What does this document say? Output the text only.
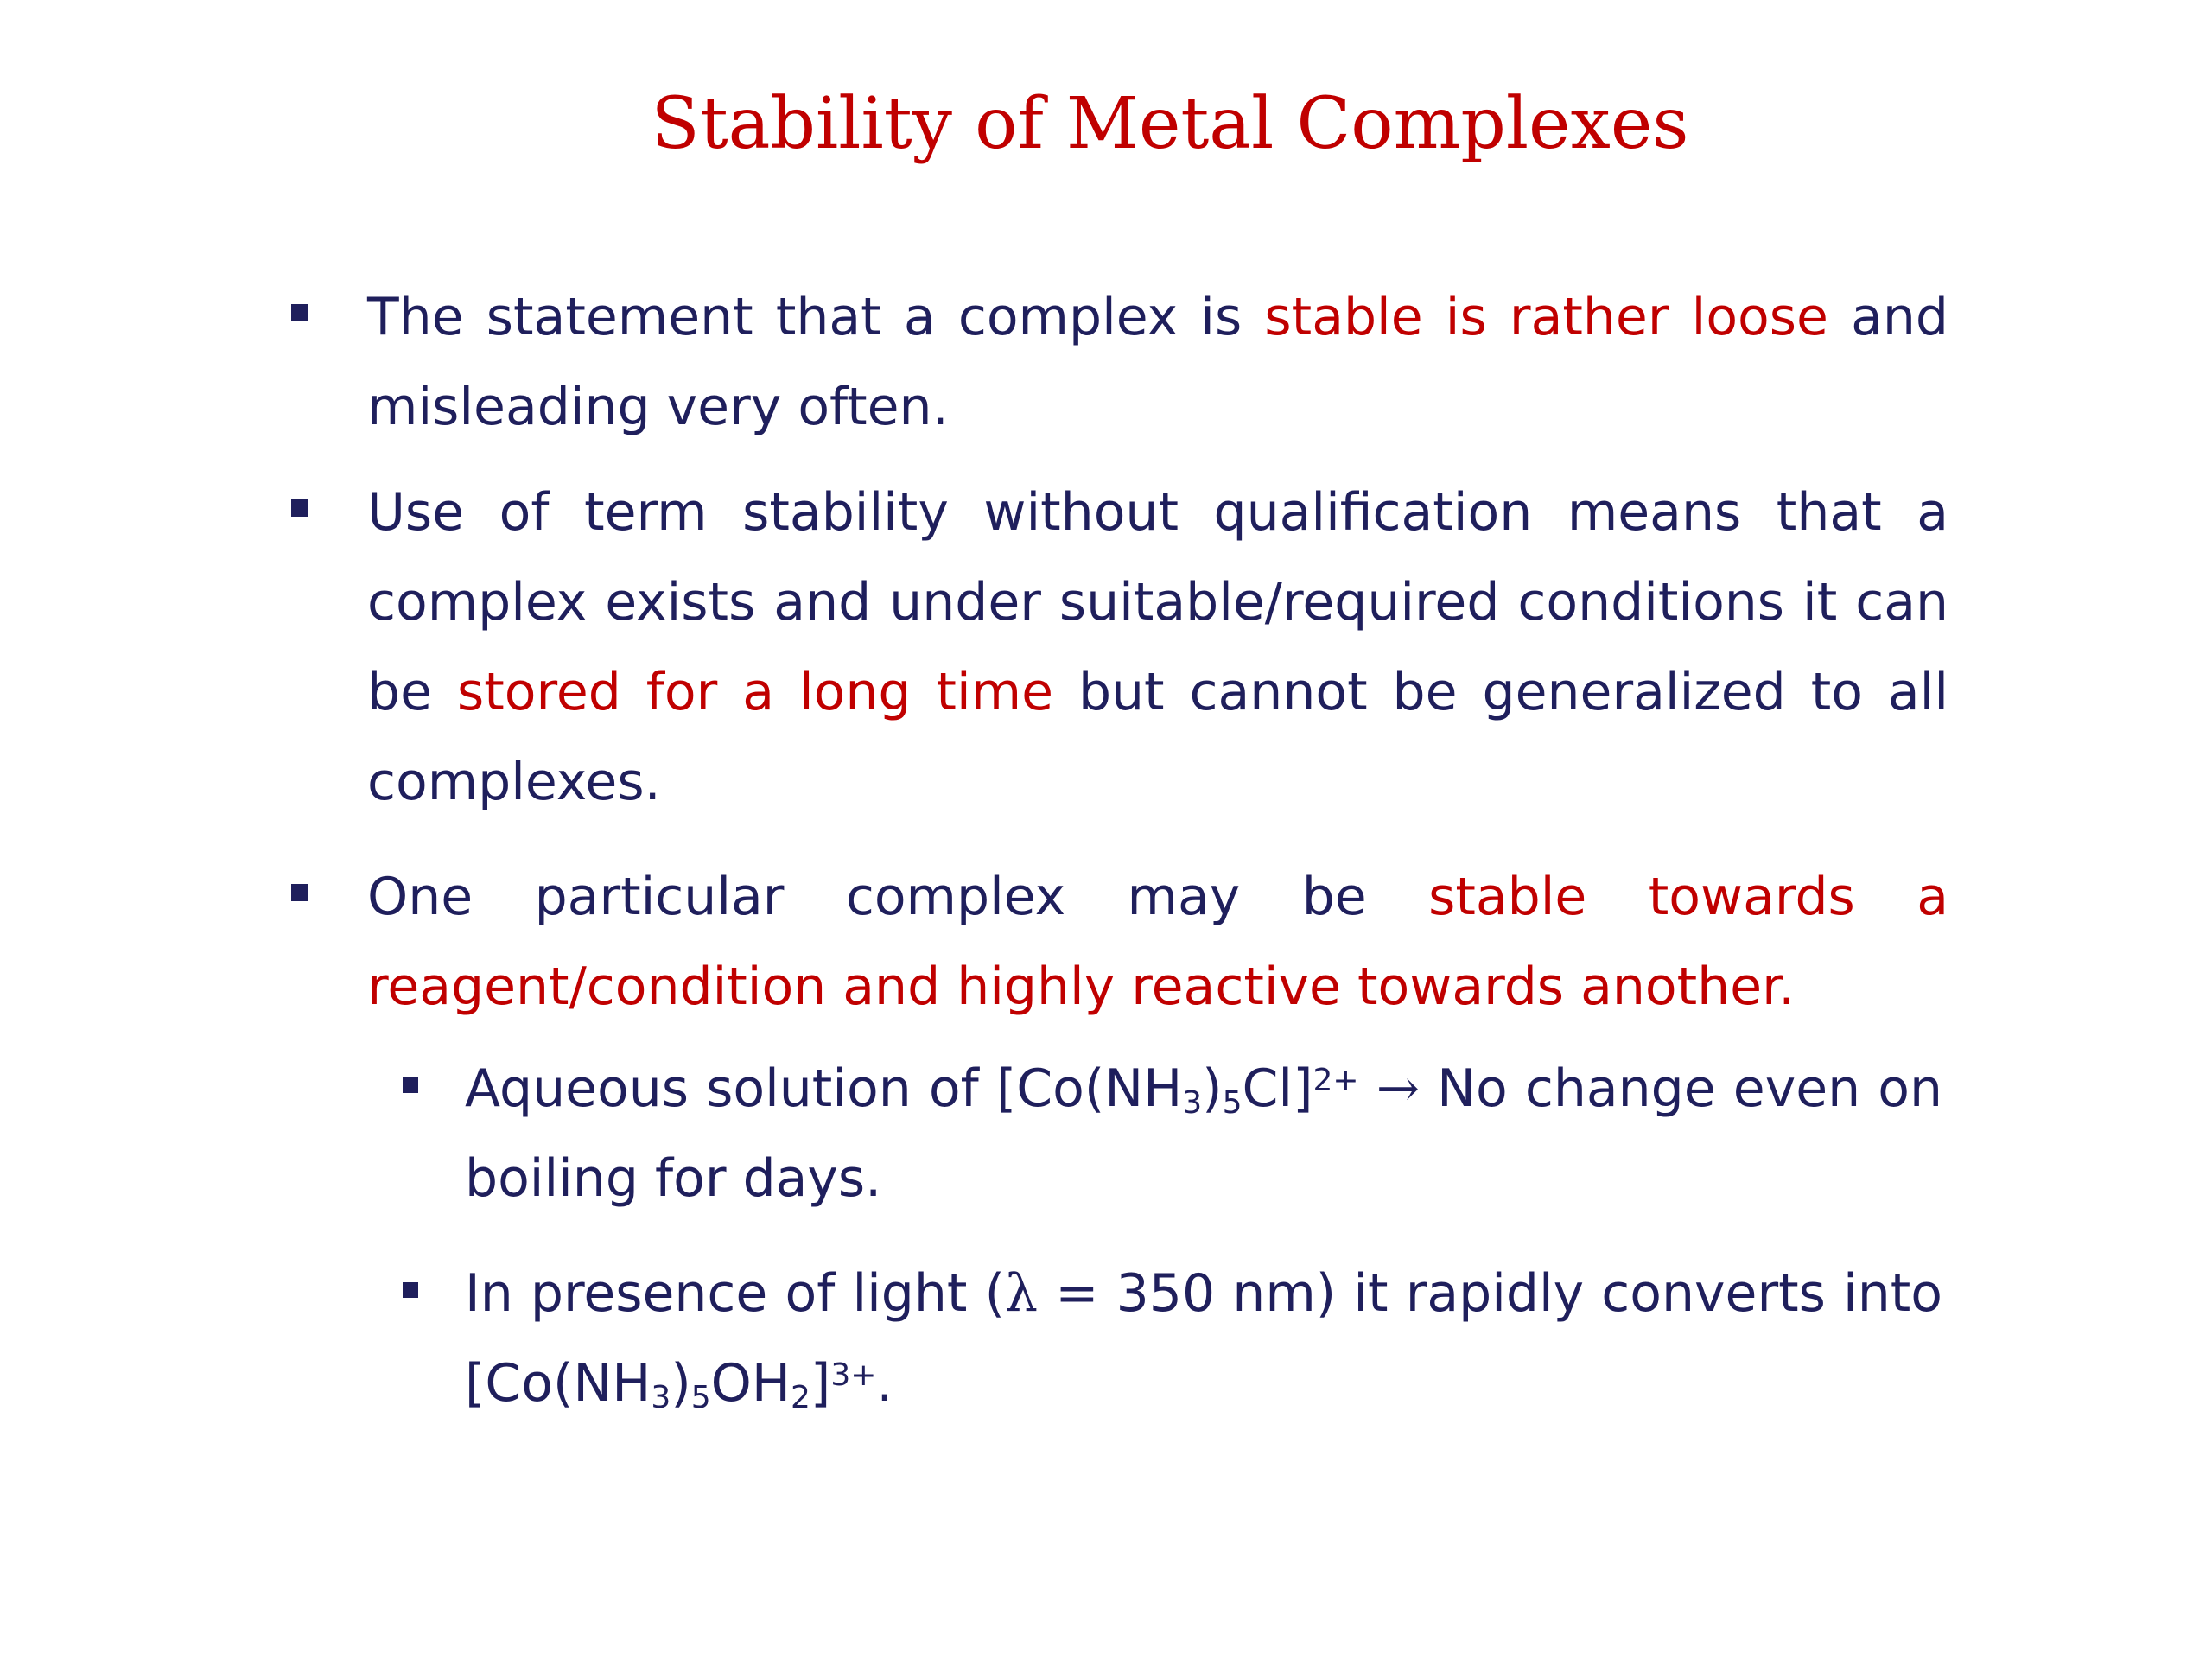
Stability of Metal Complexes
The statement that a complex is stable is rather loose and misleading very often.
Use of term stability without qualification means that a complex exists and under suitable/required conditions it can be stored for a long time but cannot be generalized to all complexes.
One particular complex may be stable towards a reagent/condition and highly reactive towards another.
Aqueous solution of $[Co(NH_3)_5Cl]^{2+} \to No$ change even on boiling for days.
In presence of light (λ = 350 nm) it rapidly converts into $[Co(NH_3)_5OH_2]^{3+}$.
